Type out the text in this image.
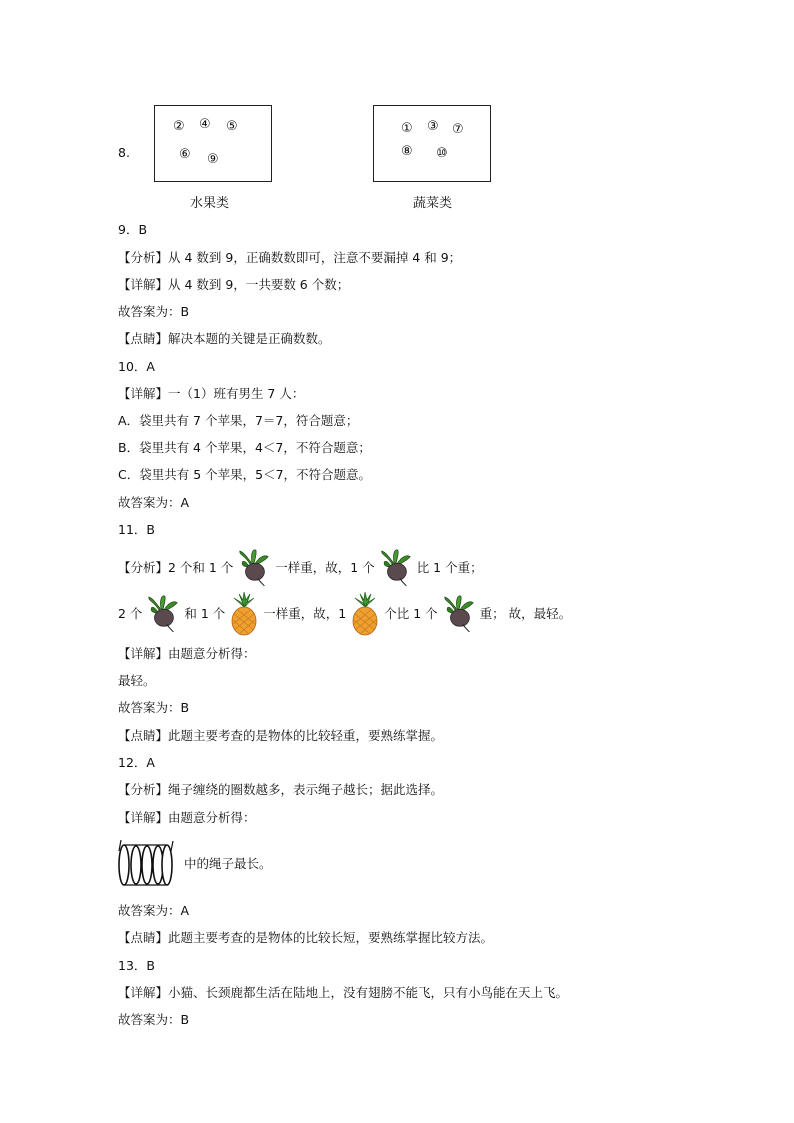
8.
② ④ ⑤
⑥ ⑨
水果类
① ③ ⑦
⑧ ⑩
蔬菜类
9．B
【分析】从 4 数到 9，正确数数即可，注意不要漏掉 4 和 9；
【详解】从 4 数到 9，一共要数 6 个数；
故答案为：B
【点睛】解决本题的关键是正确数数。
10．A
【详解】一（1）班有男生 7 人：
A．袋里共有 7 个苹果，7＝7，符合题意；
B．袋里共有 4 个苹果，4＜7，不符合题意；
C．袋里共有 5 个苹果，5＜7，不符合题意。
故答案为：A
11．B
【分析】2 个和 1 个	一样重，故，1 个	比 1 个重；
2 个	和 1 个	一样重，故，1	个比 1 个	重； 故，最轻。
【详解】由题意分析得：
最轻。
故答案为：B
【点睛】此题主要考查的是物体的比较轻重，要熟练掌握。
12．A
【分析】绳子缠绕的圈数越多，表示绳子越长；据此选择。
【详解】由题意分析得：
中的绳子最长。
故答案为：A
【点睛】此题主要考查的是物体的比较长短，要熟练掌握比较方法。
13．B
【详解】小猫、长颈鹿都生活在陆地上，没有翅膀不能飞，只有小鸟能在天上飞。
故答案为：B
